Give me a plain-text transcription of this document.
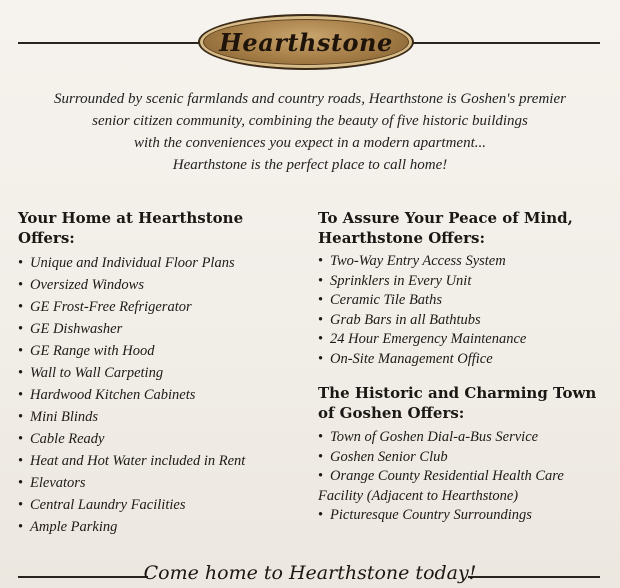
Hearthstone
Surrounded by scenic farmlands and country roads, Hearthstone is Goshen's premier
senior citizen community, combining the beauty of five historic buildings
with the conveniences you expect in a modern apartment...
Hearthstone is the perfect place to call home!
Your Home at Hearthstone Offers:
• Unique and Individual Floor Plans
• Oversized Windows
• GE Frost-Free Refrigerator
• GE Dishwasher
• GE Range with Hood
• Wall to Wall Carpeting
• Hardwood Kitchen Cabinets
• Mini Blinds
• Cable Ready
• Heat and Hot Water included in Rent
• Elevators
• Central Laundry Facilities
• Ample Parking
To Assure Your Peace of Mind,
Hearthstone Offers:
• Two-Way Entry Access System
• Sprinklers in Every Unit
• Ceramic Tile Baths
• Grab Bars in all Bathtubs
• 24 Hour Emergency Maintenance
• On-Site Management Office
The Historic and Charming Town
of Goshen Offers:
• Town of Goshen Dial-a-Bus Service
• Goshen Senior Club
• Orange County Residential Health Care
Facility (Adjacent to Hearthstone)
• Picturesque Country Surroundings
Come home to Hearthstone today!
